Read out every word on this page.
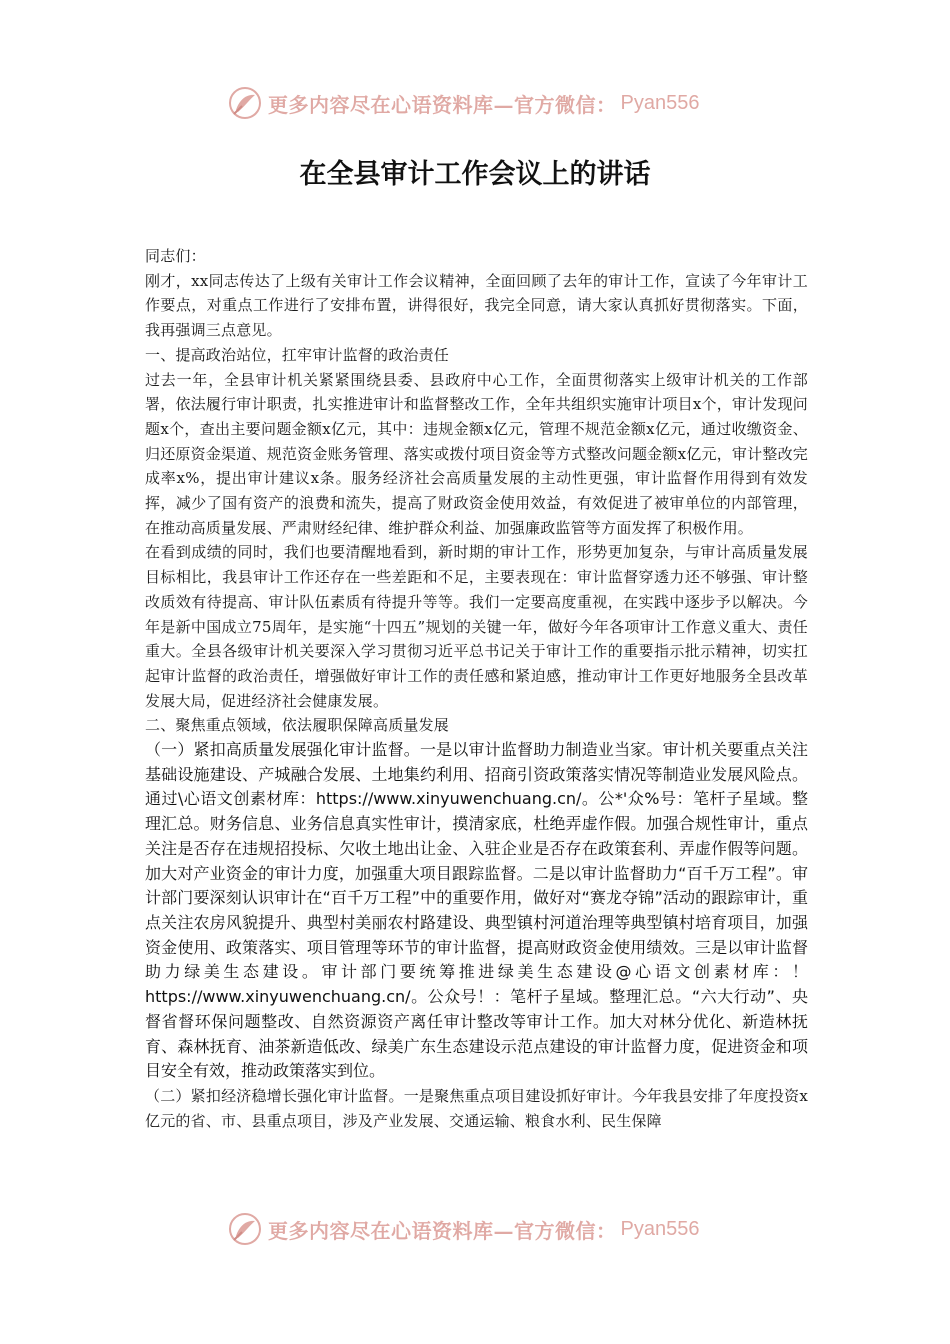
更多内容尽在心语资料库—官方微信： Pyan556
在全县审计工作会议上的讲话

同志们：

刚才，xx同志传达了上级有关审计工作会议精神，全面回顾了去年的审计工作，宣读了今年审计工作要点，对重点工作进行了安排布置，讲得很好，我完全同意，请大家认真抓好贯彻落实。下面，我再强调三点意见。

一、提高政治站位，扛牢审计监督的政治责任

过去一年，全县审计机关紧紧围绕县委、县政府中心工作，全面贯彻落实上级审计机关的工作部署，依法履行审计职责，扎实推进审计和监督整改工作，全年共组织实施审计项目x个，审计发现问题x个，查出主要问题金额x亿元，其中：违规金额x亿元，管理不规范金额x亿元，通过收缴资金、归还原资金渠道、规范资金账务管理、落实或拨付项目资金等方式整改问题金额x亿元，审计整改完成率x%，提出审计建议x条。服务经济社会高质量发展的主动性更强，审计监督作用得到有效发挥，减少了国有资产的浪费和流失，提高了财政资金使用效益，有效促进了被审单位的内部管理，在推动高质量发展、严肃财经纪律、维护群众利益、加强廉政监管等方面发挥了积极作用。

在看到成绩的同时，我们也要清醒地看到，新时期的审计工作，形势更加复杂，与审计高质量发展目标相比，我县审计工作还存在一些差距和不足，主要表现在：审计监督穿透力还不够强、审计整改质效有待提高、审计队伍素质有待提升等等。我们一定要高度重视，在实践中逐步予以解决。今年是新中国成立75周年，是实施“十四五”规划的关键一年，做好今年各项审计工作意义重大、责任重大。全县各级审计机关要深入学习贯彻习近平总书记关于审计工作的重要指示批示精神，切实扛起审计监督的政治责任，增强做好审计工作的责任感和紧迫感，推动审计工作更好地服务全县改革发展大局，促进经济社会健康发展。

二、聚焦重点领域，依法履职保障高质量发展

（一）紧扣高质量发展强化审计监督。一是以审计监督助力制造业当家。审计机关要重点关注基础设施建设、产城融合发展、土地集约利用、招商引资政策落实情况等制造业发展风险点。通过\心语文创素材库：https://www.xinyuwenchuang.cn/。公*'众%号：笔杆子星域。整理汇总。财务信息、业务信息真实性审计，摸清家底，杜绝弄虚作假。加强合规性审计，重点关注是否存在违规招投标、欠收土地出让金、入驻企业是否存在政策套利、弄虚作假等问题。加大对产业资金的审计力度，加强重大项目跟踪监督。二是以审计监督助力“百千万工程”。审计部门要深刻认识审计在“百千万工程”中的重要作用，做好对“赛龙夺锦”活动的跟踪审计，重点关注农房风貌提升、典型村美丽农村路建设、典型镇村河道治理等典型镇村培育项目，加强资金使用、政策落实、项目管理等环节的审计监督，提高财政资金使用绩效。三是以审计监督助力绿美生态建设。审计部门要统筹推进绿美生态建设@心语文创素材库：！ https://www.xinyuwenchuang.cn/。公众号！：笔杆子星域。整理汇总。“六大行动”、央督省督环保问题整改、自然资源资产离任审计整改等审计工作。加大对林分优化、新造林抚育、森林抚育、油茶新造低改、绿美广东生态建设示范点建设的审计监督力度，促进资金和项目安全有效，推动政策落实到位。

（二）紧扣经济稳增长强化审计监督。一是聚焦重点项目建设抓好审计。今年我县安排了年度投资x亿元的省、市、县重点项目，涉及产业发展、交通运输、粮食水利、民生保障

更多内容尽在心语资料库—官方微信： Pyan556
